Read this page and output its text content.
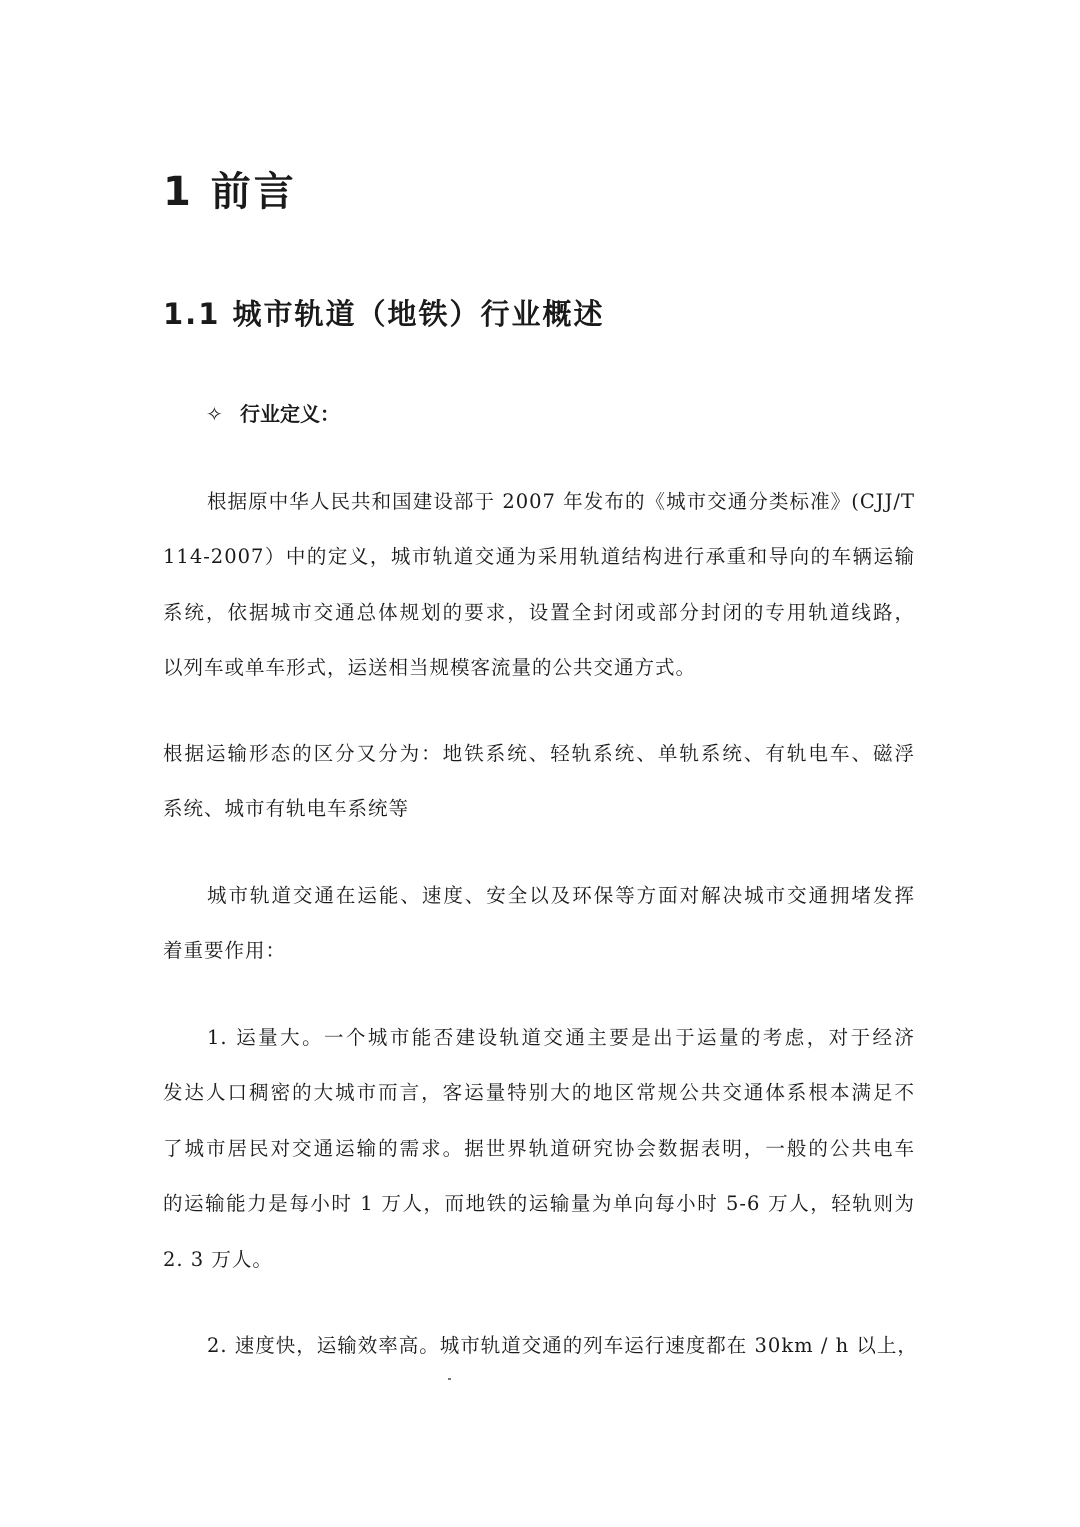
1 前言
1.1 城市轨道（地铁）行业概述
✧ 行业定义：
根据原中华人民共和国建设部于 2007 年发布的《城市交通分类标准》(CJJ/T
114-2007）中的定义，城市轨道交通为采用轨道结构进行承重和导向的车辆运输
系统，依据城市交通总体规划的要求，设置全封闭或部分封闭的专用轨道线路，
以列车或单车形式，运送相当规模客流量的公共交通方式。
根据运输形态的区分又分为：地铁系统、轻轨系统、单轨系统、有轨电车、磁浮
系统、城市有轨电车系统等
城市轨道交通在运能、速度、安全以及环保等方面对解决城市交通拥堵发挥
着重要作用：
1. 运量大。一个城市能否建设轨道交通主要是出于运量的考虑，对于经济
发达人口稠密的大城市而言，客运量特别大的地区常规公共交通体系根本满足不
了城市居民对交通运输的需求。据世界轨道研究协会数据表明，一般的公共电车
的运输能力是每小时 1 万人，而地铁的运输量为单向每小时 5-6 万人，轻轨则为
2. 3 万人。
2. 速度快，运输效率高。城市轨道交通的列车运行速度都在 30km / h 以上，
